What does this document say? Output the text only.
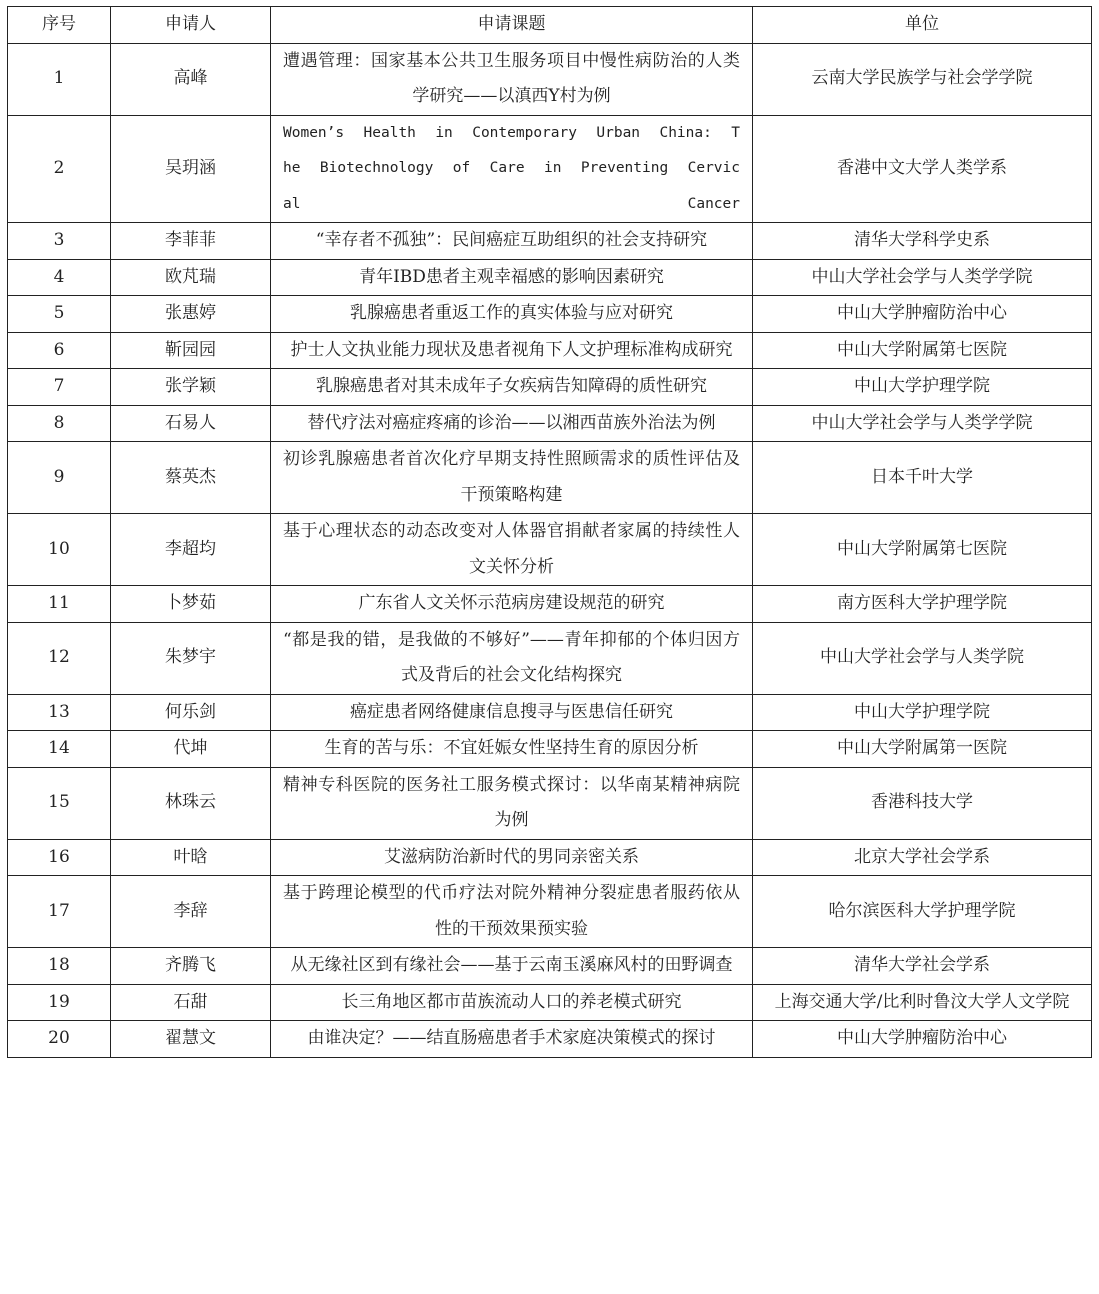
序号	申请人	申请课题	单位
1	高峰	遭遇管理：国家基本公共卫生服务项目中慢性病防治的人类学研究——以滇西Y村为例	云南大学民族学与社会学学院
2	吴玥涵	Women’s Health in Contemporary Urban China: The Biotechnology of Care in Preventing Cervical Cancer	香港中文大学人类学系
3	李菲菲	“幸存者不孤独”：民间癌症互助组织的社会支持研究	清华大学科学史系
4	欧芃瑞	青年IBD患者主观幸福感的影响因素研究	中山大学社会学与人类学学院
5	张惠婷	乳腺癌患者重返工作的真实体验与应对研究	中山大学肿瘤防治中心
6	靳园园	护士人文执业能力现状及患者视角下人文护理标准构成研究	中山大学附属第七医院
7	张学颖	乳腺癌患者对其未成年子女疾病告知障碍的质性研究	中山大学护理学院
8	石易人	替代疗法对癌症疼痛的诊治——以湘西苗族外治法为例	中山大学社会学与人类学学院
9	蔡英杰	初诊乳腺癌患者首次化疗早期支持性照顾需求的质性评估及干预策略构建	日本千叶大学
10	李超均	基于心理状态的动态改变对人体器官捐献者家属的持续性人文关怀分析	中山大学附属第七医院
11	卜梦茹	广东省人文关怀示范病房建设规范的研究	南方医科大学护理学院
12	朱梦宇	“都是我的错，是我做的不够好”——青年抑郁的个体归因方式及背后的社会文化结构探究	中山大学社会学与人类学院
13	何乐剑	癌症患者网络健康信息搜寻与医患信任研究	中山大学护理学院
14	代坤	生育的苦与乐：不宜妊娠女性坚持生育的原因分析	中山大学附属第一医院
15	林珠云	精神专科医院的医务社工服务模式探讨：以华南某精神病院为例	香港科技大学
16	叶晗	艾滋病防治新时代的男同亲密关系	北京大学社会学系
17	李辞	基于跨理论模型的代币疗法对院外精神分裂症患者服药依从性的干预效果预实验	哈尔滨医科大学护理学院
18	齐腾飞	从无缘社区到有缘社会——基于云南玉溪麻风村的田野调查	清华大学社会学系
19	石甜	长三角地区都市苗族流动人口的养老模式研究	上海交通大学/比利时鲁汶大学人文学院
20	翟慧文	由谁决定？——结直肠癌患者手术家庭决策模式的探讨	中山大学肿瘤防治中心
